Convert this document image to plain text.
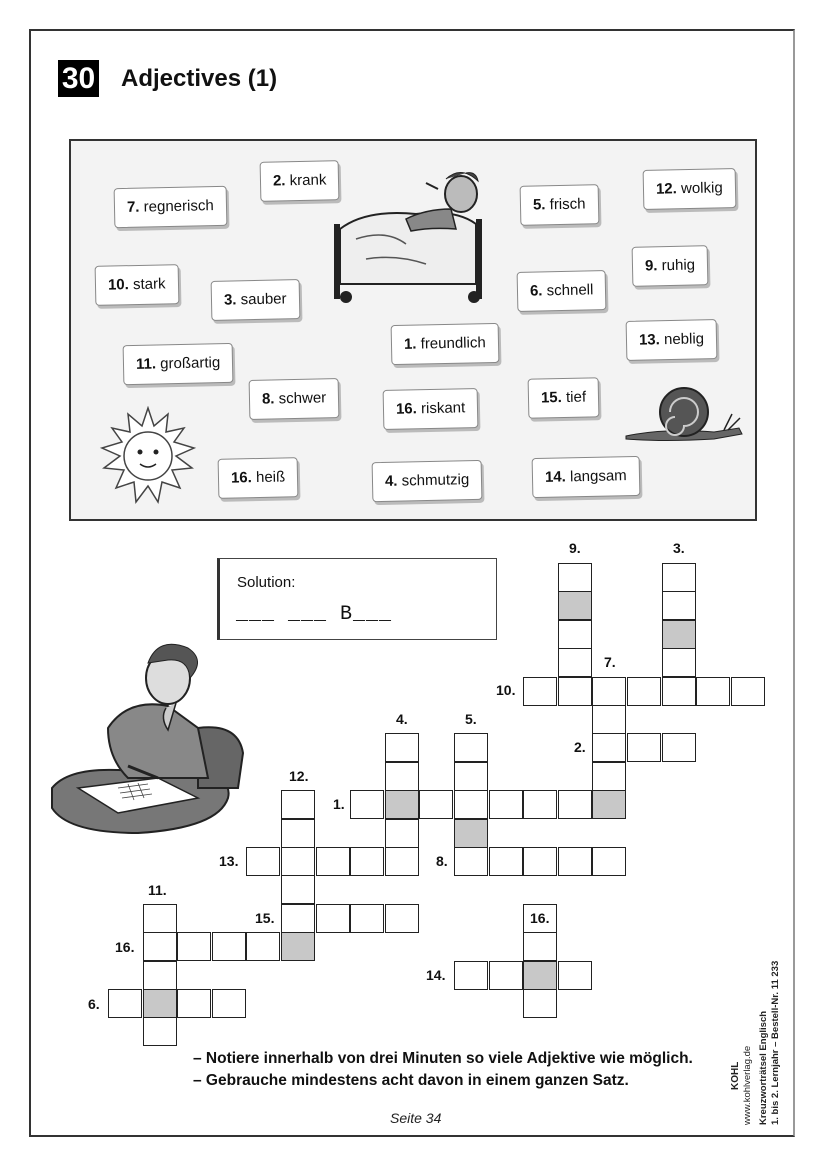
30 Adjectives (1)
2. krank
7. regnerisch	5. frisch
12. wolkig
10. stark
3. sauber	6. schnell
9. ruhig
1. freundlich	13. neblig
11. großartig
8. schwer
16. riskant
15. tief
16. heiß	4. schmutzig	14. langsam
Solution:
___ ___ B___
9.	3.
7.
10.
4.	5.
2.
12.
1.
13.	8.
11.
16.
15.	16.
14.
6.
– Notiere innerhalb von drei Minuten so viele Adjektive wie möglich.
– Gebrauche mindestens acht davon in einem ganzen Satz.
Seite 34	Kreuzworträtsel Englisch 1. bis 2. Lernjahr – Bestell-Nr. 11 233
www.kohlverlag.de
KOHL
